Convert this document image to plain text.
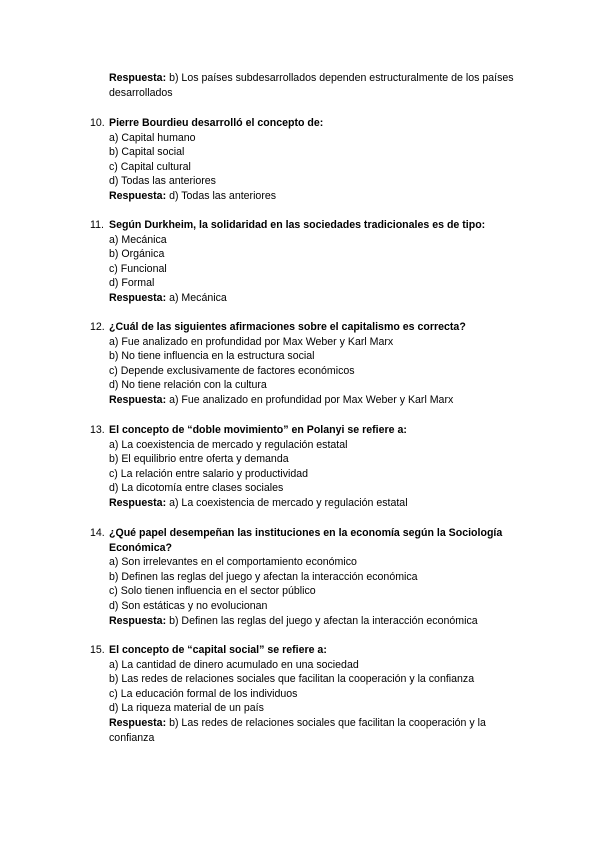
Respuesta: b) Los países subdesarrollados dependen estructuralmente de los países desarrollados
10. Pierre Bourdieu desarrolló el concepto de:
a) Capital humano
b) Capital social
c) Capital cultural
d) Todas las anteriores
Respuesta: d) Todas las anteriores
11. Según Durkheim, la solidaridad en las sociedades tradicionales es de tipo:
a) Mecánica
b) Orgánica
c) Funcional
d) Formal
Respuesta: a) Mecánica
12. ¿Cuál de las siguientes afirmaciones sobre el capitalismo es correcta?
a) Fue analizado en profundidad por Max Weber y Karl Marx
b) No tiene influencia en la estructura social
c) Depende exclusivamente de factores económicos
d) No tiene relación con la cultura
Respuesta: a) Fue analizado en profundidad por Max Weber y Karl Marx
13. El concepto de “doble movimiento” en Polanyi se refiere a:
a) La coexistencia de mercado y regulación estatal
b) El equilibrio entre oferta y demanda
c) La relación entre salario y productividad
d) La dicotomía entre clases sociales
Respuesta: a) La coexistencia de mercado y regulación estatal
14. ¿Qué papel desempeñan las instituciones en la economía según la Sociología Económica?
a) Son irrelevantes en el comportamiento económico
b) Definen las reglas del juego y afectan la interacción económica
c) Solo tienen influencia en el sector público
d) Son estáticas y no evolucionan
Respuesta: b) Definen las reglas del juego y afectan la interacción económica
15. El concepto de “capital social” se refiere a:
a) La cantidad de dinero acumulado en una sociedad
b) Las redes de relaciones sociales que facilitan la cooperación y la confianza
c) La educación formal de los individuos
d) La riqueza material de un país
Respuesta: b) Las redes de relaciones sociales que facilitan la cooperación y la confianza
